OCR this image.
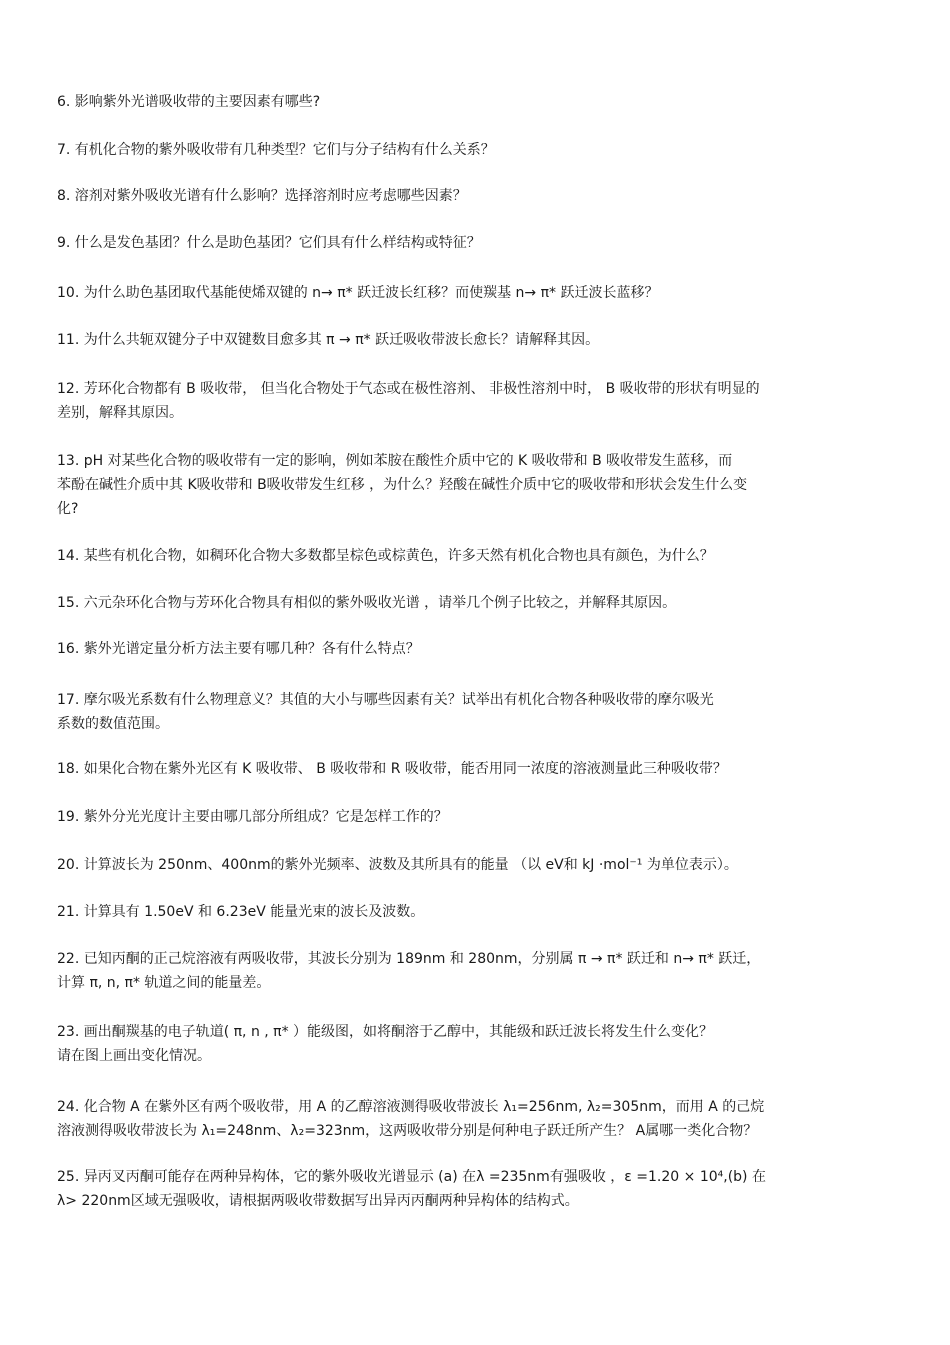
6. 影响紫外光谱吸收带的主要因素有哪些?
7. 有机化合物的紫外吸收带有几种类型？它们与分子结构有什么关系？
8. 溶剂对紫外吸收光谱有什么影响？选择溶剂时应考虑哪些因素？
9. 什么是发色基团？什么是助色基团？它们具有什么样结构或特征？
10. 为什么助色基团取代基能使烯双键的 n→ π* 跃迁波长红移？而使羰基 n→ π* 跃迁波长蓝移？
11. 为什么共轭双键分子中双键数目愈多其 π → π* 跃迁吸收带波长愈长？请解释其因。
12. 芳环化合物都有 B 吸收带， 但当化合物处于气态或在极性溶剂、 非极性溶剂中时， B 吸收带的形状有明显的
差别，解释其原因。
13. pH 对某些化合物的吸收带有一定的影响，例如苯胺在酸性介质中它的 K 吸收带和 B 吸收带发生蓝移，而
苯酚在碱性介质中其 K吸收带和 B吸收带发生红移 ，为什么？羟酸在碱性介质中它的吸收带和形状会发生什么变
化?
14. 某些有机化合物，如稠环化合物大多数都呈棕色或棕黄色，许多天然有机化合物也具有颜色，为什么？
15. 六元杂环化合物与芳环化合物具有相似的紫外吸收光谱 ，请举几个例子比较之，并解释其原因。
16. 紫外光谱定量分析方法主要有哪几种？各有什么特点？
17. 摩尔吸光系数有什么物理意义？其值的大小与哪些因素有关？试举出有机化合物各种吸收带的摩尔吸光
系数的数值范围。
18. 如果化合物在紫外光区有 K 吸收带、 B 吸收带和 R 吸收带，能否用同一浓度的溶液测量此三种吸收带？
19. 紫外分光光度计主要由哪几部分所组成？它是怎样工作的？
20. 计算波长为 250nm、400nm的紫外光频率、波数及其所具有的能量 （以 eV和 kJ ·mol⁻¹ 为单位表示）。
21. 计算具有 1.50eV 和 6.23eV 能量光束的波长及波数。
22. 已知丙酮的正己烷溶液有两吸收带，其波长分别为 189nm 和 280nm，分别属 π → π* 跃迁和 n→ π* 跃迁，
计算 π, n, π* 轨道之间的能量差。
23. 画出酮羰基的电子轨道( π, n , π* ）能级图，如将酮溶于乙醇中，其能级和跃迁波长将发生什么变化？
请在图上画出变化情况。
24. 化合物 A 在紫外区有两个吸收带，用 A 的乙醇溶液测得吸收带波长 λ₁=256nm, λ₂=305nm，而用 A 的己烷
溶液测得吸收带波长为 λ₁=248nm、λ₂=323nm，这两吸收带分别是何种电子跃迁所产生？ A属哪一类化合物？
25. 异丙叉丙酮可能存在两种异构体，它的紫外吸收光谱显示 (a) 在λ =235nm有强吸收 ，ε =1.20 × 10⁴,(b) 在
λ> 220nm区域无强吸收，请根据两吸收带数据写出异丙丙酮两种异构体的结构式。
